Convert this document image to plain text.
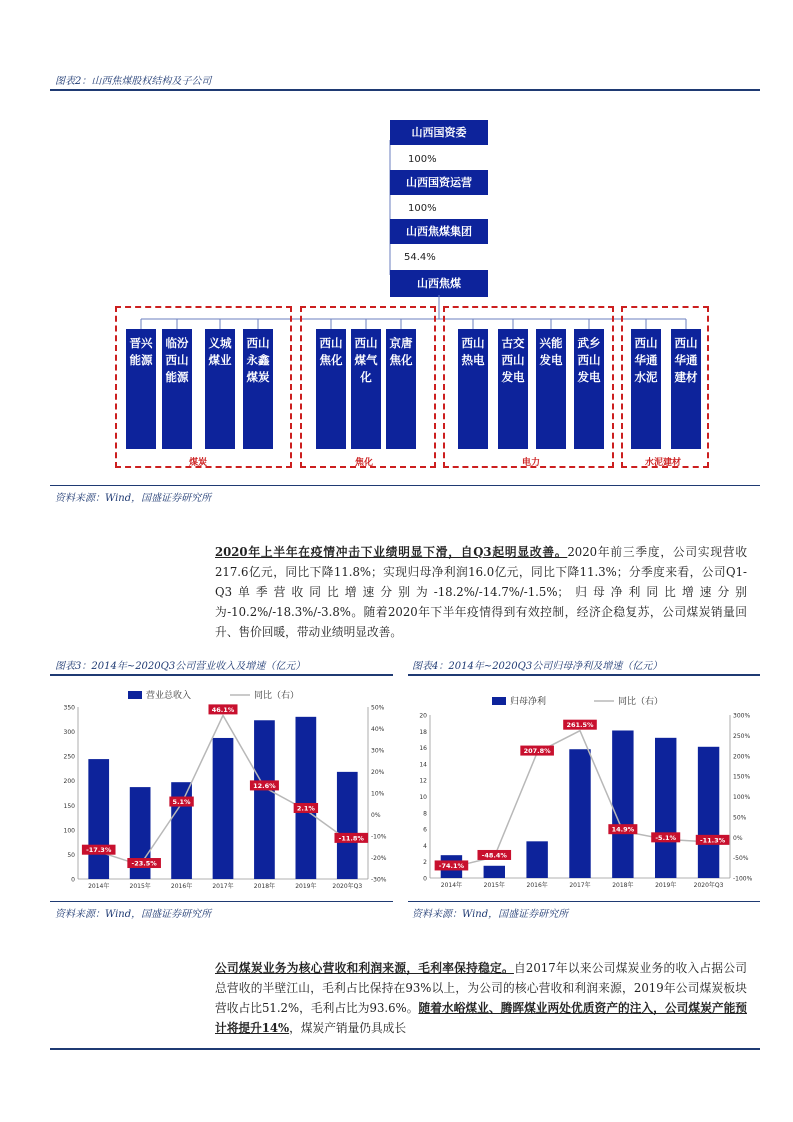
图表2：山西焦煤股权结构及子公司
山西国资委
100%
山西国资运营
100%
山西焦煤集团
54.4%
山西焦煤
晋兴能源
临汾西山能源
义城煤业
西山永鑫煤炭
西山焦化
西山煤气化
京唐焦化
西山热电
古交西山发电
兴能发电
武乡西山发电
西山华通水泥
西山华通建材
煤炭	焦化	电力	水泥建材
资料来源：Wind，国盛证券研究所
2020年上半年在疫情冲击下业绩明显下滑，自Q3起明显改善。2020年前三季度，公司实现营收217.6亿元，同比下降11.8%；实现归母净利润16.0亿元，同比下降11.3%；分季度来看，公司Q1-Q3单季营收同比增速分别为-18.2%/-14.7%/-1.5%；归母净利同比增速分别为-10.2%/-18.3%/-3.8%。随着2020年下半年疫情得到有效控制，经济企稳复苏，公司煤炭销量回升、售价回暖，带动业绩明显改善。
图表3：2014年~2020Q3公司营业收入及增速（亿元）	图表4：2014年~2020Q3公司归母净利及增速（亿元）
营业总收入	同比（右）
0
50
100
150
200
250
300
350
-30%
-20%
-10%
0%
10%
20%
30%
40%
50%
2014年	2015年	2016年	2017年	2018年	2019年	2020年Q3
-17.3%
-23.5%
5.1%
46.1%
12.6%
2.1%
-11.8%
归母净利	同比（右）
0
2
4
6
8
10
12
14
16
18
20
-100%
-50%
0%
50%
100%
150%
200%
250%
300%
2014年	2015年	2016年	2017年	2018年	2019年	2020年Q3
-74.1%
-48.4%
207.8%
261.5%
14.9%
-5.1%	-11.3%
资料来源：Wind，国盛证券研究所	资料来源：Wind，国盛证券研究所
公司煤炭业务为核心营收和利润来源，毛利率保持稳定。自2017年以来公司煤炭业务的收入占据公司总营收的半壁江山，毛利占比保持在93%以上，为公司的核心营收和利润来源，2019年公司煤炭板块营收占比51.2%，毛利占比为93.6%。随着水峪煤业、腾晖煤业两处优质资产的注入，公司煤炭产能预计将提升14%，煤炭产销量仍具成长
